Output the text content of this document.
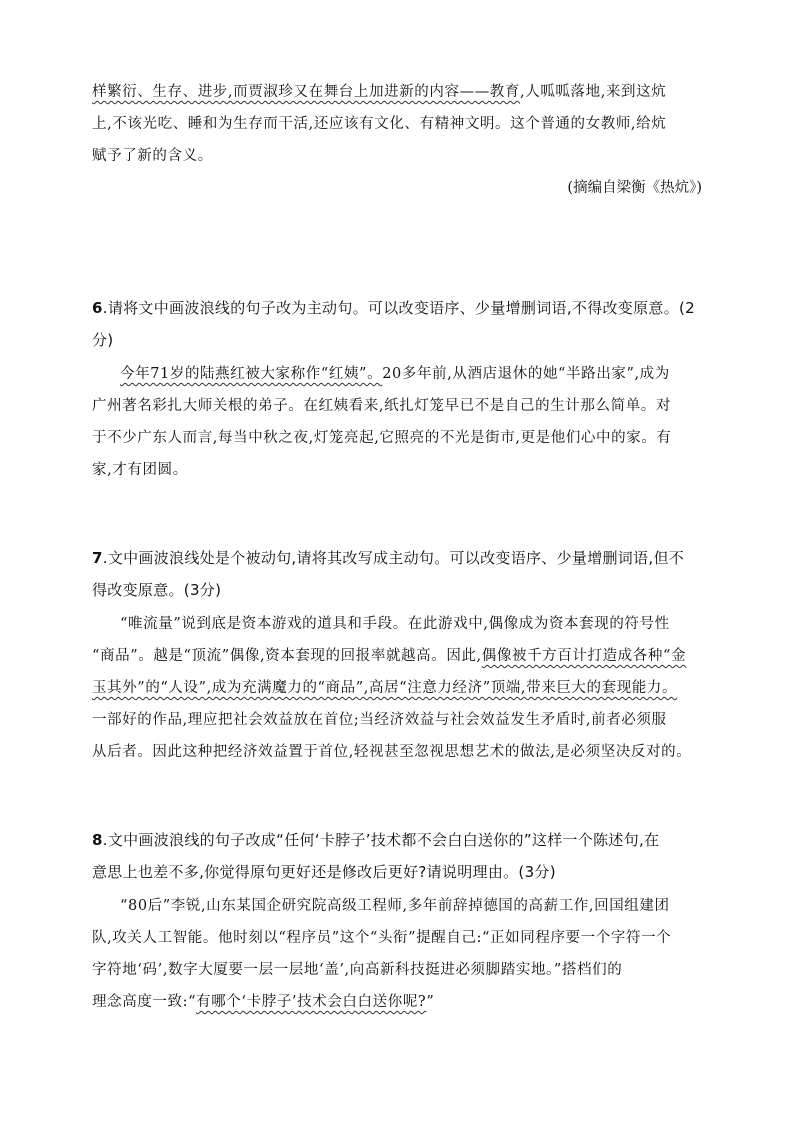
样繁衍、生存、进步,而贾淑珍又在舞台上加进新的内容——教育,人呱呱落地,来到这炕
上,不该光吃、睡和为生存而干活,还应该有文化、有精神文明。这个普通的女教师,给炕
赋予了新的含义。
(摘编自梁衡《热炕》)
6.请将文中画波浪线的句子改为主动句。可以改变语序、少量增删词语,不得改变原意。(2
分)
今年71岁的陆燕红被大家称作“红姨”。20多年前,从酒店退休的她“半路出家”,成为
广州著名彩扎大师关根的弟子。在红姨看来,纸扎灯笼早已不是自己的生计那么简单。对
于不少广东人而言,每当中秋之夜,灯笼亮起,它照亮的不光是街市,更是他们心中的家。有
家,才有团圆。
7.文中画波浪线处是个被动句,请将其改写成主动句。可以改变语序、少量增删词语,但不
得改变原意。(3分)
“唯流量”说到底是资本游戏的道具和手段。在此游戏中,偶像成为资本套现的符号性
“商品”。越是“顶流”偶像,资本套现的回报率就越高。因此,偶像被千方百计打造成各种“金
玉其外”的“人设”,成为充满魔力的“商品”,高居“注意力经济”顶端,带来巨大的套现能力。
一部好的作品,理应把社会效益放在首位;当经济效益与社会效益发生矛盾时,前者必须服
从后者。因此这种把经济效益置于首位,轻视甚至忽视思想艺术的做法,是必须坚决反对的。
8.文中画波浪线的句子改成“任何‘卡脖子’技术都不会白白送你的”这样一个陈述句,在
意思上也差不多,你觉得原句更好还是修改后更好?请说明理由。(3分)
“80后”李锐,山东某国企研究院高级工程师,多年前辞掉德国的高薪工作,回国组建团
队,攻关人工智能。他时刻以“程序员”这个“头衔”提醒自己:“正如同程序要一个字符一个
字符地‘码’,数字大厦要一层一层地‘盖’,向高新科技挺进必须脚踏实地。”搭档们的
理念高度一致:“有哪个‘卡脖子’技术会白白送你呢?”
